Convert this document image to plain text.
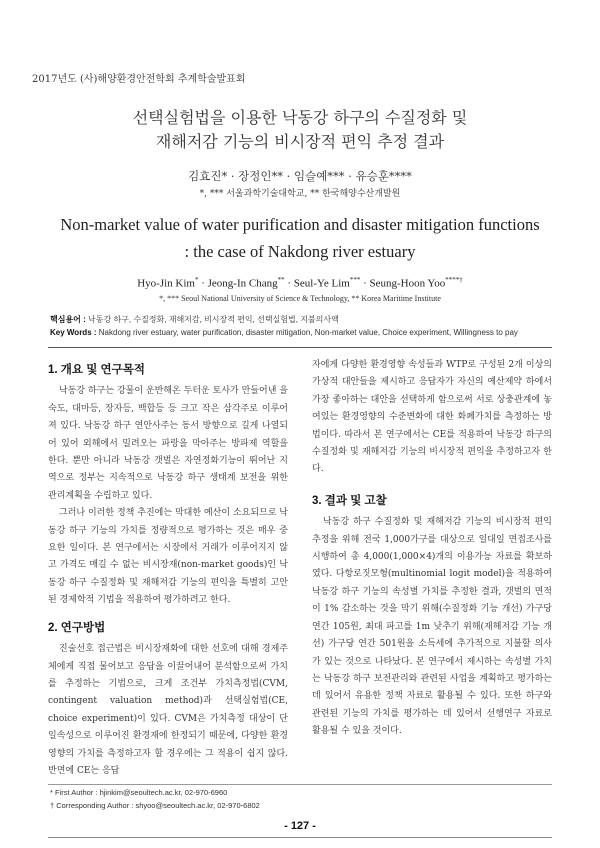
2017년도 (사)해양환경안전학회 추계학술발표회
선택실험법을 이용한 낙동강 하구의 수질정화 및
재해저감 기능의 비시장적 편익 추정 결과
김효진* · 장정인** · 임슬예*** · 유승훈****
*, *** 서울과학기술대학교, ** 한국해양수산개발원
Non-market value of water purification and disaster mitigation functions
: the case of Nakdong river estuary
Hyo-Jin Kim* · Jeong-In Chang** · Seul-Ye Lim*** · Seung-Hoon Yoo****†
*, *** Seoul National University of Science & Technology, ** Korea Maritime Institute
핵심용어 : 낙동강 하구, 수질정화, 재해저감, 비시장적 편익, 선택실험법, 지불의사액
Key Words : Nakdong river estuary, water purification, disaster mitigation, Non-market value, Choice experiment, Willingness to pay
1. 개요 및 연구목적

낙동강 하구는 강물이 운반해온 두터운 토사가 만들어낸 을숙도, 대마등, 장자등, 백합등 등 크고 작은 삼각주로 이루어져 있다. 낙동강 하구 연안사주는 동서 방향으로 길게 나열되어 있어 외해에서 밀려오는 파랑을 막아주는 방파제 역할을 한다. 뿐만 아니라 낙동강 갯벌은 자연정화기능이 뛰어난 지역으로 정부는 지속적으로 낙동강 하구 생태계 보전을 위한 관리계획을 수립하고 있다.

그러나 이러한 정책 추진에는 막대한 예산이 소요되므로 낙동강 하구 기능의 가치를 정량적으로 평가하는 것은 매우 중요한 일이다. 본 연구에서는 시장에서 거래가 이루어지지 않고 가격도 매길 수 없는 비시장재(non-market goods)인 낙동강 하구 수질정화 및 재해저감 기능의 편익을 특별히 고안된 경제학적 기법을 적용하여 평가하려고 한다.

2. 연구방법

진술선호 접근법은 비시장재화에 대한 선호에 대해 경제주체에게 직접 물어보고 응답을 이끌어내어 분석함으로써 가치를 추정하는 기법으로, 크게 조건부 가치측정법(CVM, contingent valuation method)과 선택실험법(CE, choice experiment)이 있다. CVM은 가치측정 대상이 단일속성으로 이루어진 환경재에 한정되기 때문에, 다양한 환경영향의 가치를 측정하고자 할 경우에는 그 적용이 쉽지 않다. 반면에 CE는 응답

자에게 다양한 환경영향 속성들과 WTP로 구성된 2개 이상의 가상적 대안들을 제시하고 응답자가 자신의 예산제약 하에서 가장 좋아하는 대안을 선택하게 함으로써 서로 상충관계에 놓여있는 환경영향의 수준변화에 대한 화폐가치를 측정하는 방법이다. 따라서 본 연구에서는 CE를 적용하여 낙동강 하구의 수질정화 및 재해저감 기능의 비시장적 편익을 추정하고자 한다.

3. 결과 및 고찰

낙동강 하구 수질정화 및 재해저감 기능의 비시장적 편익 추정을 위해 전국 1,000가구를 대상으로 일대일 면접조사를 시행하여 총 4,000(1,000×4)개의 이용가능 자료를 확보하였다. 다항로짓모형(multinomial logit model)을 적용하여 낙동강 하구 기능의 속성별 가치를 추정한 결과, 갯벌의 면적이 1% 감소하는 것을 막기 위해(수질정화 기능 개선) 가구당 연간 105원, 최대 파고를 1m 낮추기 위해(재해저감 기능 개선) 가구당 연간 501원을 소득세에 추가적으로 지불할 의사가 있는 것으로 나타났다. 본 연구에서 제시하는 속성별 가치는 낙동강 하구 보전관리와 관련된 사업을 계획하고 평가하는 데 있어서 유용한 정책 자료로 활용될 수 있다. 또한 하구와 관련된 기능의 가치를 평가하는 데 있어서 선행연구 자료로 활용될 수 있을 것이다.

* First Author : hjinkim@seoultech.ac.kr, 02-970-6960
† Corresponding Author : shyoo@seoultech.ac.kr, 02-970-6802
- 127 -
